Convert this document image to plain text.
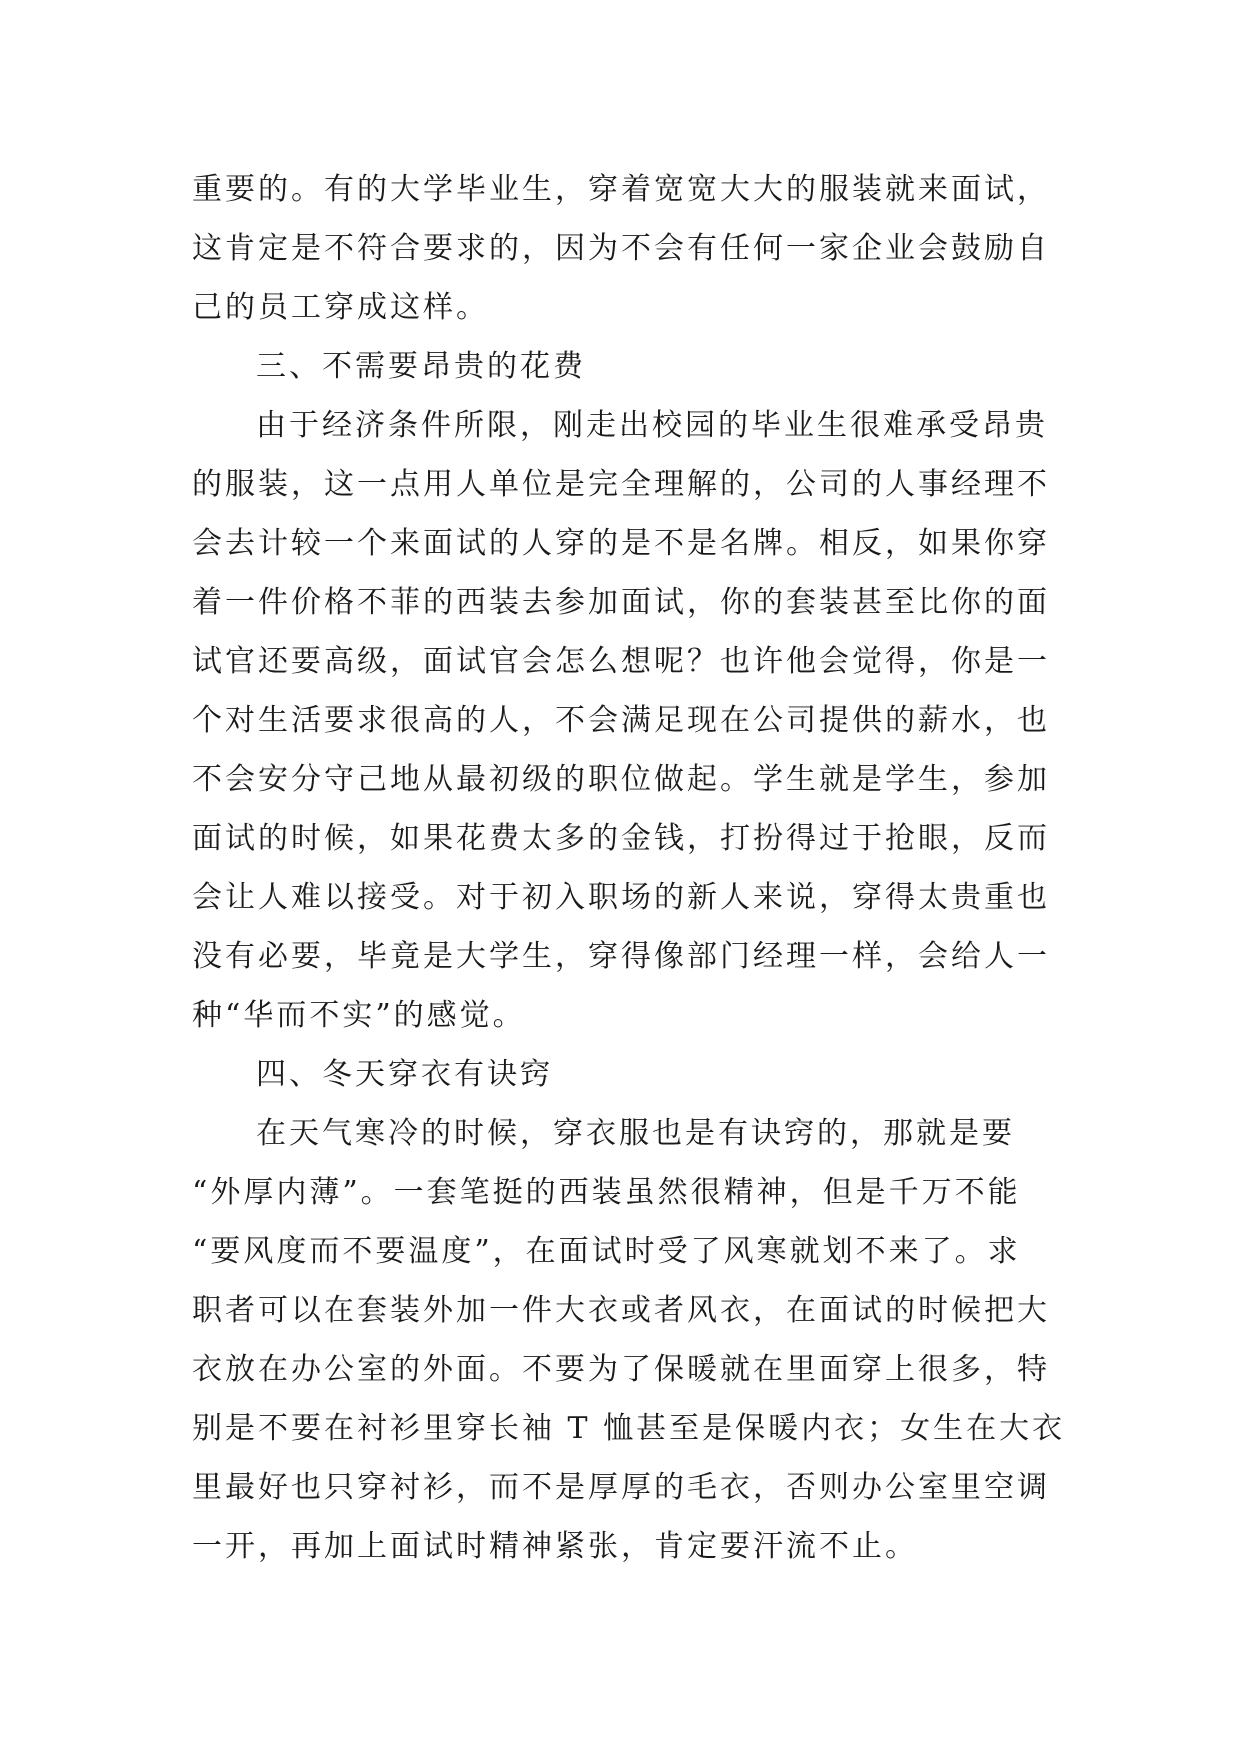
重要的。有的大学毕业生，穿着宽宽大大的服装就来面试，
这肯定是不符合要求的，因为不会有任何一家企业会鼓励自
己的员工穿成这样。
三、不需要昂贵的花费
由于经济条件所限，刚走出校园的毕业生很难承受昂贵
的服装，这一点用人单位是完全理解的，公司的人事经理不
会去计较一个来面试的人穿的是不是名牌。相反，如果你穿
着一件价格不菲的西装去参加面试，你的套装甚至比你的面
试官还要高级，面试官会怎么想呢？也许他会觉得，你是一
个对生活要求很高的人，不会满足现在公司提供的薪水，也
不会安分守己地从最初级的职位做起。学生就是学生，参加
面试的时候，如果花费太多的金钱，打扮得过于抢眼，反而
会让人难以接受。对于初入职场的新人来说，穿得太贵重也
没有必要，毕竟是大学生，穿得像部门经理一样，会给人一
种“华而不实”的感觉。
四、冬天穿衣有诀窍
在天气寒冷的时候，穿衣服也是有诀窍的，那就是要
“外厚内薄”。一套笔挺的西装虽然很精神，但是千万不能
“要风度而不要温度”，在面试时受了风寒就划不来了。求
职者可以在套装外加一件大衣或者风衣，在面试的时候把大
衣放在办公室的外面。不要为了保暖就在里面穿上很多，特
别是不要在衬衫里穿长袖 T 恤甚至是保暖内衣；女生在大衣
里最好也只穿衬衫，而不是厚厚的毛衣，否则办公室里空调
一开，再加上面试时精神紧张，肯定要汗流不止。
